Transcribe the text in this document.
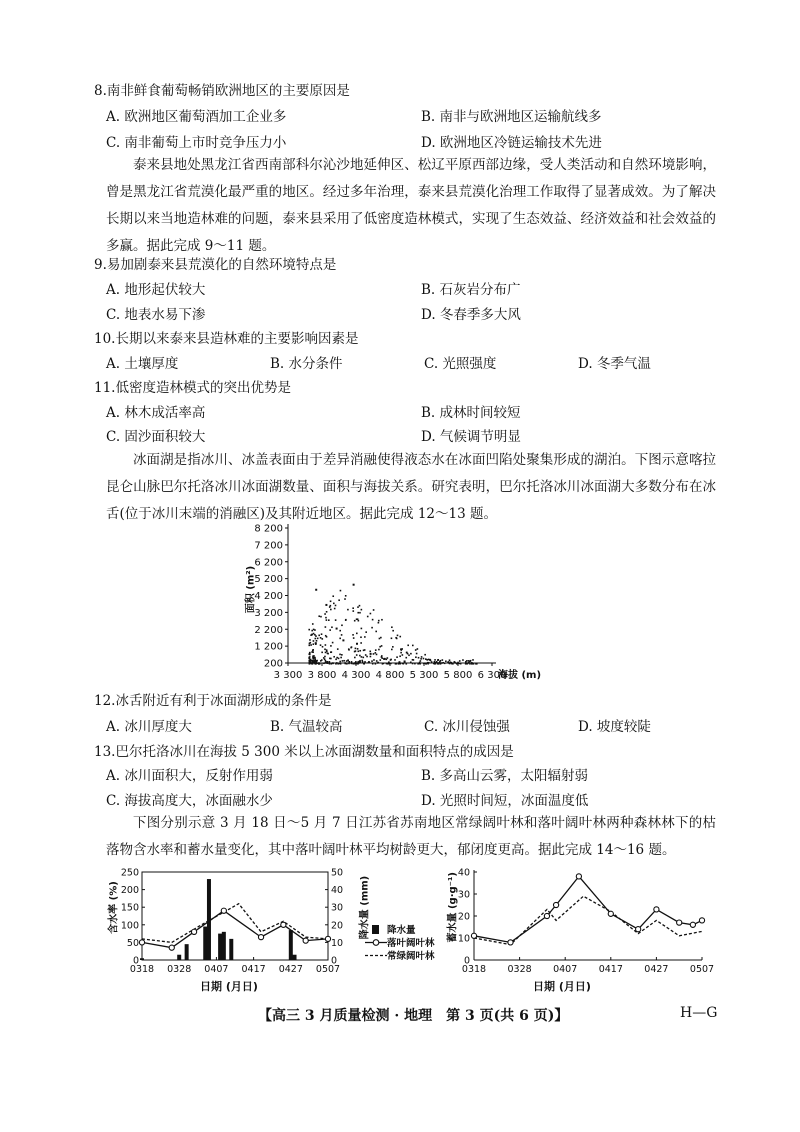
8.南非鲜食葡萄畅销欧洲地区的主要原因是
A. 欧洲地区葡萄酒加工企业多	B. 南非与欧洲地区运输航线多
C. 南非葡萄上市时竞争压力小	D. 欧洲地区冷链运输技术先进
泰来县地处黑龙江省西南部科尔沁沙地延伸区、松辽平原西部边缘，受人类活动和自然环境影响，曾是黑龙江省荒漠化最严重的地区。经过多年治理，泰来县荒漠化治理工作取得了显著成效。为了解决长期以来当地造林难的问题，泰来县采用了低密度造林模式，实现了生态效益、经济效益和社会效益的多赢。据此完成 9～11 题。
9.易加剧泰来县荒漠化的自然环境特点是
A. 地形起伏较大	B. 石灰岩分布广
C. 地表水易下渗	D. 冬春季多大风
10.长期以来泰来县造林难的主要影响因素是
A. 土壤厚度	B. 水分条件	C. 光照强度	D. 冬季气温
11.低密度造林模式的突出优势是
A. 林木成活率高	B. 成林时间较短
C. 固沙面积较大	D. 气候调节明显
冰面湖是指冰川、冰盖表面由于差异消融使得液态水在冰面凹陷处聚集形成的湖泊。下图示意喀拉昆仑山脉巴尔托洛冰川冰面湖数量、面积与海拔关系。研究表明，巴尔托洛冰川冰面湖大多数分布在冰舌(位于冰川末端的消融区)及其附近地区。据此完成 12～13 题。
200
1 200
2 200
3 200
4 200
5 200
6 200
7 200
8 200
3 300 3 800 4 300 4 800 5 300 5 800 6 300
海拔 (m)
面积 (m²)
12.冰舌附近有利于冰面湖形成的条件是
A. 冰川厚度大	B. 气温较高	C. 冰川侵蚀强	D. 坡度较陡
13.巴尔托洛冰川在海拔 5 300 米以上冰面湖数量和面积特点的成因是
A. 冰川面积大，反射作用弱	B. 多高山云雾，太阳辐射弱
C. 海拔高度大，冰面融水少	D. 光照时间短，冰面温度低
下图分别示意 3 月 18 日～5 月 7 日江苏省苏南地区常绿阔叶林和落叶阔叶林两种森林林下的枯落物含水率和蓄水量变化，其中落叶阔叶林平均树龄更大，郁闭度更高。据此完成 14～16 题。
0
50
100
150
200
250
0
10
20
30
40
50
0318 0328 0407 0417 0427 0507
含水率 (%)	降水量 (mm)
日期 (月日)
降水量
落叶阔叶林
常绿阔叶林	0
10
20
30
40
0318 0328 0407 0417 0427 0507
蓄水量 (g·g⁻¹)
日期 (月日)
【高三 3 月质量检测 · 地理　第 3 页(共 6 页)】	H—G
